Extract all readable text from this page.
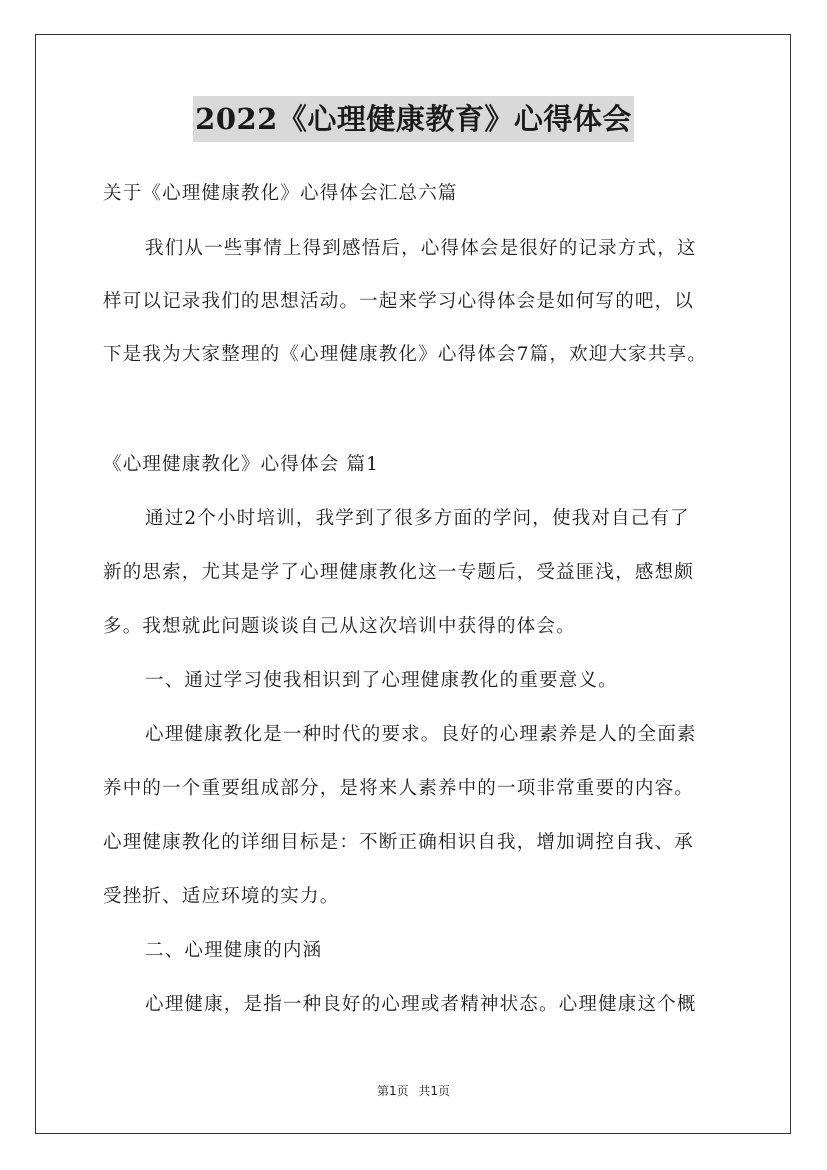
2022《心理健康教育》心得体会
关于《心理健康教化》心得体会汇总六篇
我们从一些事情上得到感悟后，心得体会是很好的记录方式，这
样可以记录我们的思想活动。一起来学习心得体会是如何写的吧，以
下是我为大家整理的《心理健康教化》心得体会7篇，欢迎大家共享。
《心理健康教化》心得体会 篇1
通过2个小时培训，我学到了很多方面的学问，使我对自己有了
新的思索，尤其是学了心理健康教化这一专题后，受益匪浅，感想颇
多。我想就此问题谈谈自己从这次培训中获得的体会。
一、通过学习使我相识到了心理健康教化的重要意义。
心理健康教化是一种时代的要求。良好的心理素养是人的全面素
养中的一个重要组成部分，是将来人素养中的一项非常重要的内容。
心理健康教化的详细目标是：不断正确相识自我，增加调控自我、承
受挫折、适应环境的实力。
二、心理健康的内涵
心理健康，是指一种良好的心理或者精神状态。心理健康这个概
第1页 共1页
